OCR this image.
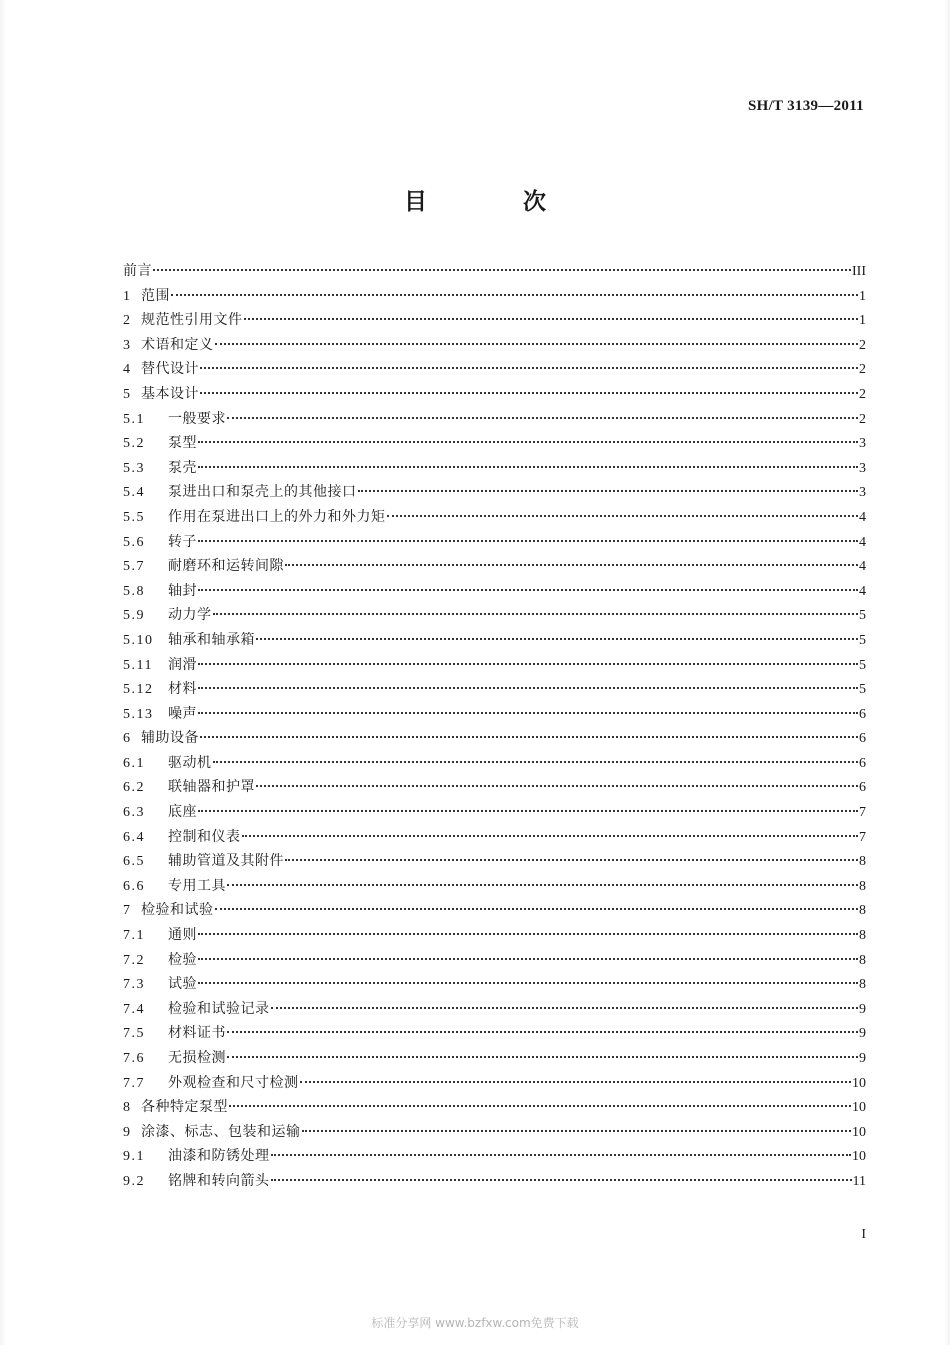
SH/T 3139—2011
目 次
前言	III
1 范围	1
2 规范性引用文件	1
3 术语和定义	2
4 替代设计	2
5 基本设计	2
5.1	一般要求	2
5.2	泵型	3
5.3	泵壳	3
5.4	泵进出口和泵壳上的其他接口	3
5.5	作用在泵进出口上的外力和外力矩	4
5.6	转子	4
5.7	耐磨环和运转间隙	4
5.8	轴封	4
5.9	动力学	5
5.10	轴承和轴承箱	5
5.11	润滑	5
5.12	材料	5
5.13	噪声	6
6 辅助设备	6
6.1	驱动机	6
6.2	联轴器和护罩	6
6.3	底座	7
6.4	控制和仪表	7
6.5	辅助管道及其附件	8
6.6	专用工具	8
7 检验和试验	8
7.1	通则	8
7.2	检验	8
7.3	试验	8
7.4	检验和试验记录	9
7.5	材料证书	9
7.6	无损检测	9
7.7	外观检查和尺寸检测	10
8 各种特定泵型	10
9 涂漆、标志、包装和运输	10
9.1	油漆和防锈处理	10
9.2	铭牌和转向箭头	11
I
标准分享网 www.bzfxw.com免费下载
